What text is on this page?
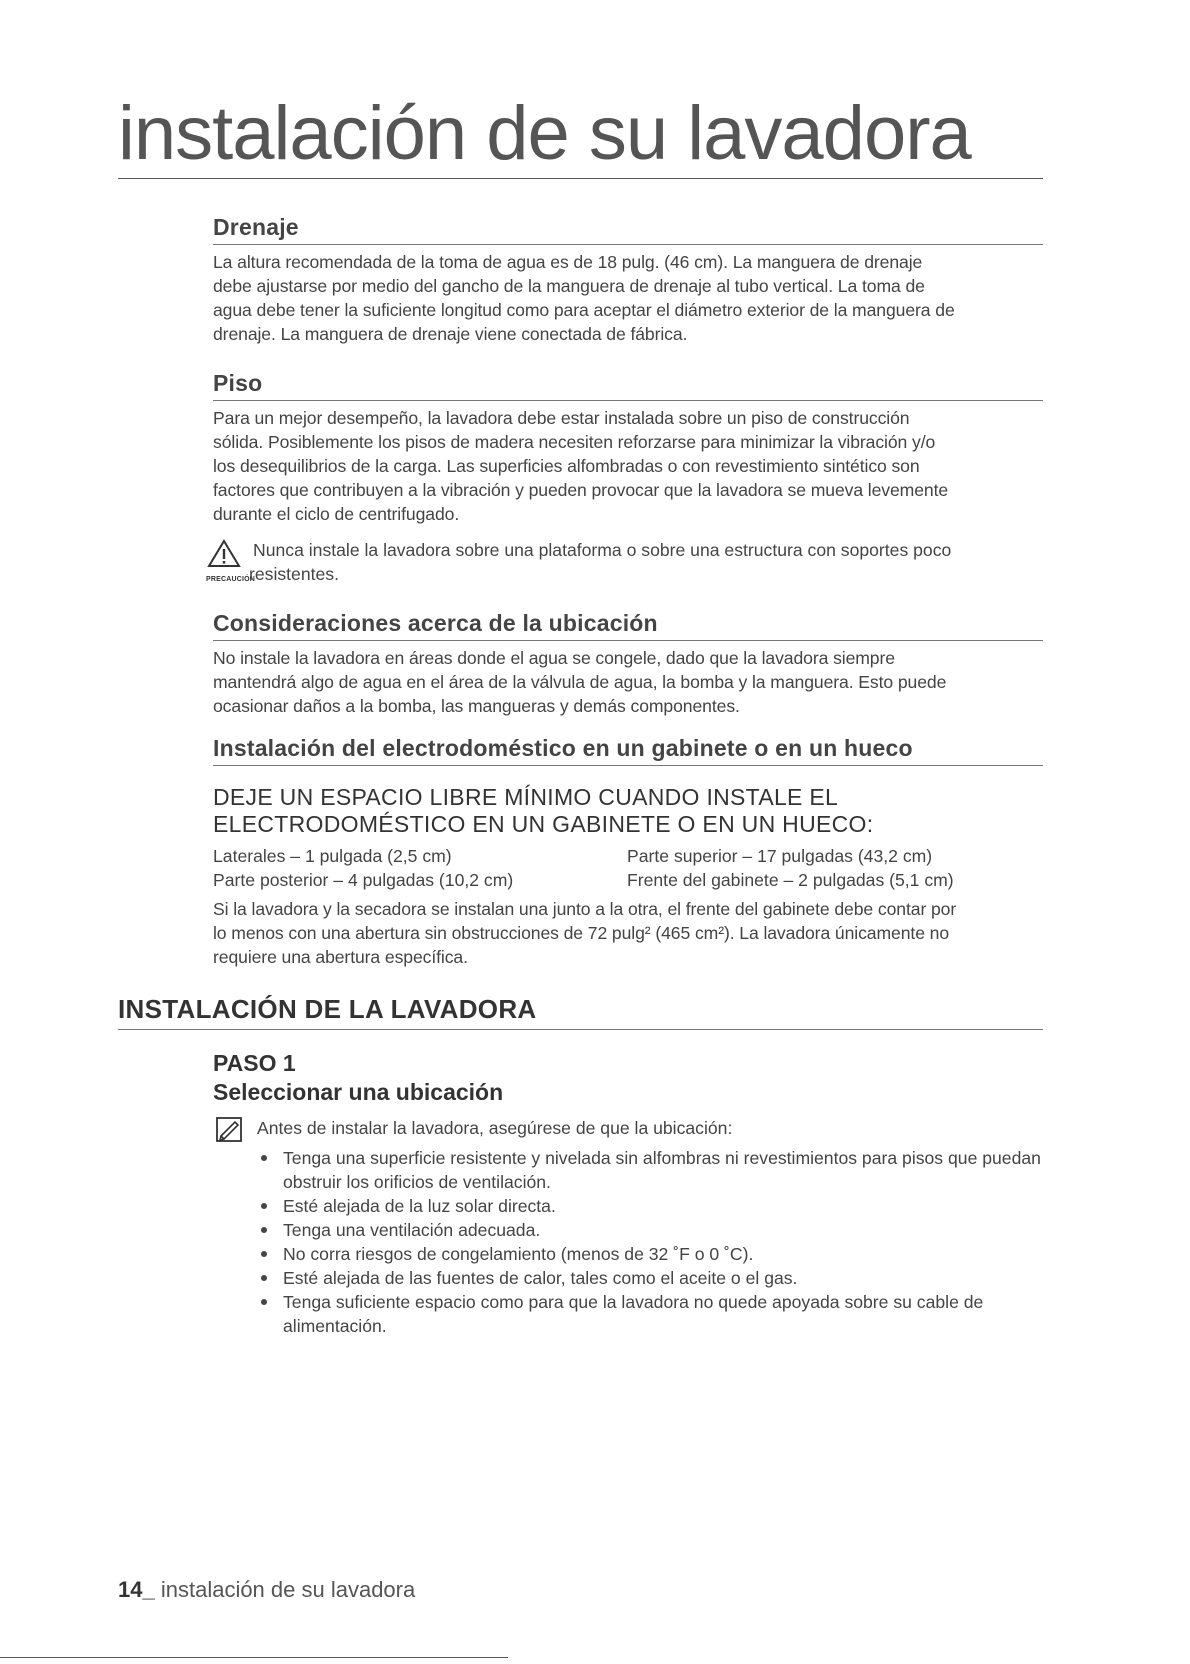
instalación de su lavadora
Drenaje
La altura recomendada de la toma de agua es de 18 pulg. (46 cm). La manguera de drenaje
debe ajustarse por medio del gancho de la manguera de drenaje al tubo vertical. La toma de
agua debe tener la suficiente longitud como para aceptar el diámetro exterior de la manguera de
drenaje. La manguera de drenaje viene conectada de fábrica.
Piso
Para un mejor desempeño, la lavadora debe estar instalada sobre un piso de construcción
sólida. Posiblemente los pisos de madera necesiten reforzarse para minimizar la vibración y/o
los desequilibrios de la carga. Las superficies alfombradas o con revestimiento sintético son
factores que contribuyen a la vibración y pueden provocar que la lavadora se mueva levemente
durante el ciclo de centrifugado.
PRECAUCIÓN
Nunca instale la lavadora sobre una plataforma o sobre una estructura con soportes poco
resistentes.
Consideraciones acerca de la ubicación
No instale la lavadora en áreas donde el agua se congele, dado que la lavadora siempre
mantendrá algo de agua en el área de la válvula de agua, la bomba y la manguera. Esto puede
ocasionar daños a la bomba, las mangueras y demás componentes.
Instalación del electrodoméstico en un gabinete o en un hueco
DEJE UN ESPACIO LIBRE MÍNIMO CUANDO INSTALE EL
ELECTRODOMÉSTICO EN UN GABINETE O EN UN HUECO:
Laterales – 1 pulgada (2,5 cm)	Parte superior – 17 pulgadas (43,2 cm)
Parte posterior – 4 pulgadas (10,2 cm)	Frente del gabinete – 2 pulgadas (5,1 cm)
Si la lavadora y la secadora se instalan una junto a la otra, el frente del gabinete debe contar por
lo menos con una abertura sin obstrucciones de 72 pulg² (465 cm²). La lavadora únicamente no
requiere una abertura específica.
INSTALACIÓN DE LA LAVADORA
PASO 1
Seleccionar una ubicación
Antes de instalar la lavadora, asegúrese de que la ubicación:
Tenga una superficie resistente y nivelada sin alfombras ni revestimientos para pisos que puedan obstruir los orificios de ventilación.
Esté alejada de la luz solar directa.
Tenga una ventilación adecuada.
No corra riesgos de congelamiento (menos de 32 ˚F o 0 ˚C).
Esté alejada de las fuentes de calor, tales como el aceite o el gas.
Tenga suficiente espacio como para que la lavadora no quede apoyada sobre su cable de alimentación.
14_ instalación de su lavadora
